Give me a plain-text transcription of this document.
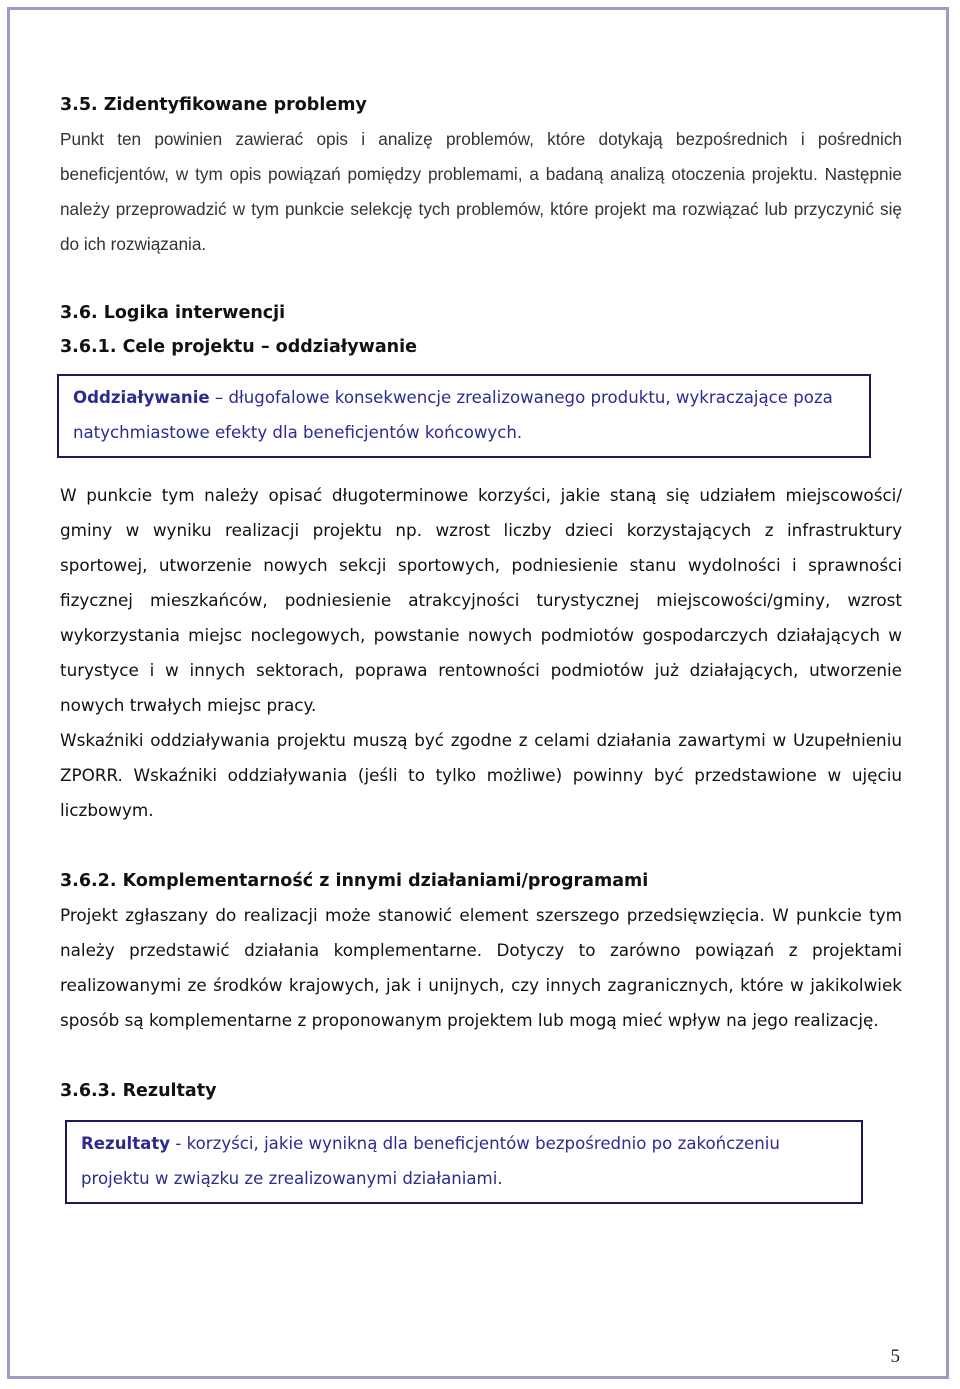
3.5. Zidentyfikowane problemy

Punkt ten powinien zawierać opis i analizę problemów, które dotykają bezpośrednich i pośrednich beneficjentów, w tym opis powiązań pomiędzy problemami, a badaną analizą otoczenia projektu. Następnie należy przeprowadzić w tym punkcie selekcję tych problemów, które projekt ma rozwiązać lub przyczynić się do ich rozwiązania.

3.6. Logika interwencji
3.6.1. Cele projektu – oddziaływanie
Oddziaływanie – długofalowe konsekwencje zrealizowanego produktu, wykraczające poza natychmiastowe efekty dla beneficjentów końcowych.

W punkcie tym należy opisać długoterminowe korzyści, jakie staną się udziałem miejscowości/ gminy w wyniku realizacji projektu np. wzrost liczby dzieci korzystających z infrastruktury sportowej, utworzenie nowych sekcji sportowych, podniesienie stanu wydolności i sprawności fizycznej mieszkańców, podniesienie atrakcyjności turystycznej miejscowości/gminy, wzrost wykorzystania miejsc noclegowych, powstanie nowych podmiotów gospodarczych działających w turystyce i w innych sektorach, poprawa rentowności podmiotów już działających, utworzenie nowych trwałych miejsc pracy.

Wskaźniki oddziaływania projektu muszą być zgodne z celami działania zawartymi w Uzupełnieniu ZPORR. Wskaźniki oddziaływania (jeśli to tylko możliwe) powinny być przedstawione w ujęciu liczbowym.

3.6.2. Komplementarność z innymi działaniami/programami

Projekt zgłaszany do realizacji może stanowić element szerszego przedsięwzięcia. W punkcie tym należy przedstawić działania komplementarne. Dotyczy to zarówno powiązań z projektami realizowanymi ze środków krajowych, jak i unijnych, czy innych zagranicznych, które w jakikolwiek sposób są komplementarne z proponowanym projektem lub mogą mieć wpływ na jego realizację.

3.6.3. Rezultaty
Rezultaty - korzyści, jakie wynikną dla beneficjentów bezpośrednio po zakończeniu projektu w związku ze zrealizowanymi działaniami.
5
